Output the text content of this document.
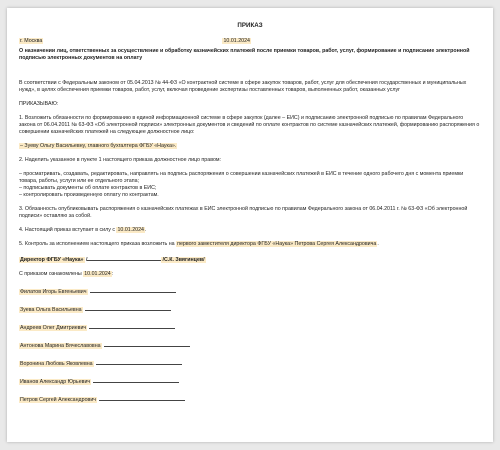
ПРИКАЗ

г. Москва	10.01.2024

О назначении лиц, ответственных за осуществление и обработку казначейских платежей после приемки товаров, работ, услуг, формирование и подписание электронной подписью электронных документов на оплату

В соответствии с Федеральным законом от 05.04.2013 № 44-ФЗ «О контрактной системе в сфере закупок товаров, работ, услуг для обеспечения государственных и муниципальных нужд», в целях обеспечения приемки товаров, работ, услуг, включая проведение экспертизы поставленных товаров, выполненных работ, оказанных услуг

ПРИКАЗЫВАЮ:

1. Возложить обязанности по формированию в единой информационной системе в сфере закупок (далее – ЕИС) и подписанию электронной подписью по правилам Федерального закона от 06.04.2011 № 63-ФЗ «Об электронной подписи» электронных документов и сведений по оплате контрактов по системе казначейских платежей, формированию распоряжения о совершении казначейских платежей на следующее должностное лицо:

– Зуеву Ольгу Васильевну, главного бухгалтера ФГБУ «Наука».

2. Наделить указанное в пункте 1 настоящего приказа должностное лицо правом:

– просматривать, создавать, редактировать, направлять на подпись распоряжения о совершении казначейских платежей в ЕИС в течение одного рабочего дня с момента приемки товара, работы, услуги или ее отдельного этапа;

– подписывать документы об оплате контрактов в ЕИС;

– контролировать произведенную оплату по контрактам.

3. Обязанность опубликовывать распоряжения о казначейских платежах в ЕИС электронной подписью по правилам Федерального закона от 06.04.2011 г. № 63-ФЗ «Об электронной подписи» оставляю за собой.

4. Настоящий приказ вступает в силу с 10.01.2024.

5. Контроль за исполнением настоящего приказа возложить на первого заместителя директора ФГБУ «Наука» Петрова Сергея Александровича.

Директор ФГБУ «Наука» /	/С.К. Звягинцев/

С приказом ознакомлены 10.01.2024:

Филатов Игорь Евгеньевич

Зуева Ольга Васильевна

Андреев Олег Дмитриевич

Антонова Марина Вячеславовна

Воронина Любовь Яковлевна

Иванов Александр Юрьевич

Петров Сергей Александрович
